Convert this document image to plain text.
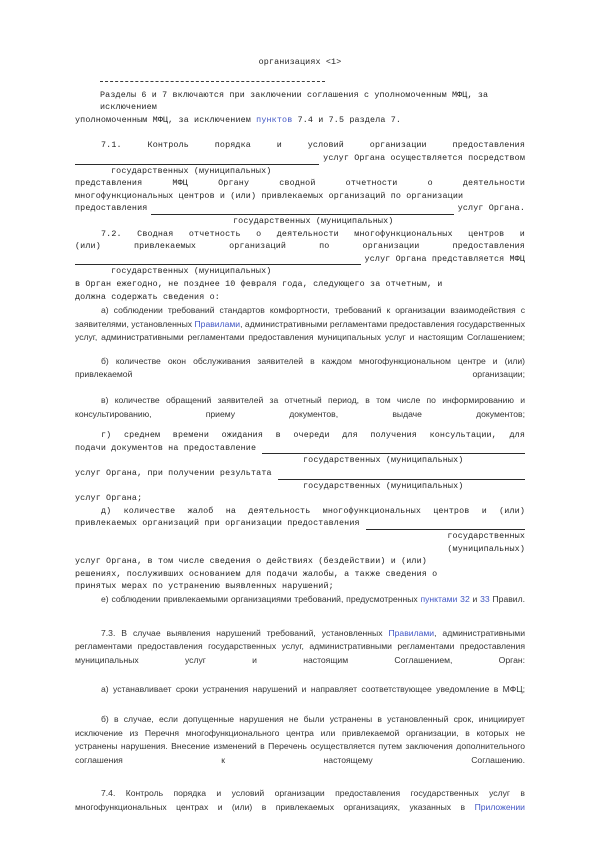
организациях <1>
Разделы 6 и 7 включаются при заключении соглашения с уполномоченным МФЦ, за исключением
уполномоченным МФЦ, за исключением пунктов 7.4 и 7.5 раздела 7.
7.1. Контроль порядка и условий организации предоставления
услуг Органа осуществляется посредством
государственных (муниципальных)
представления МФЦ Органу сводной отчетности о деятельности
многофункциональных центров и (или) привлекаемых организаций по организации
предоставления	услуг Органа.
государственных (муниципальных)
7.2. Сводная отчетность о деятельности многофункциональных центров и
(или) привлекаемых организаций по организации предоставления
услуг Органа представляется МФЦ
государственных (муниципальных)
в Орган ежегодно, не позднее 10 февраля года, следующего за отчетным, и
должна содержать сведения о:
а) соблюдении требований стандартов комфортности, требований к организации взаимодействия с заявителями, установленных Правилами, административными регламентами предоставления государственных услуг, административными регламентами предоставления муниципальных услуг и настоящим Соглашением;
б) количестве окон обслуживания заявителей в каждом многофункциональном центре и (или) привлекаемой организации;
в) количестве обращений заявителей за отчетный период, в том числе по информированию и консультированию, приему документов, выдаче документов;
г) среднем времени ожидания в очереди для получения консультации, для
подачи документов на предоставление
государственных (муниципальных)
услуг Органа, при получении результата
государственных (муниципальных)
услуг Органа;
д) количестве жалоб на деятельность многофункциональных центров и (или)
привлекаемых организаций при организации предоставления
государственных
(муниципальных)
услуг Органа, в том числе сведения о действиях (бездействии) и (или)
решениях, послуживших основанием для подачи жалобы, а также сведения о
принятых мерах по устранению выявленных нарушений;
е) соблюдении привлекаемыми организациями требований, предусмотренных пунктами 32 и 33 Правил.
7.3. В случае выявления нарушений требований, установленных Правилами, административными регламентами предоставления государственных услуг, административными регламентами предоставления муниципальных услуг и настоящим Соглашением, Орган:
а) устанавливает сроки устранения нарушений и направляет соответствующее уведомление в МФЦ;
б) в случае, если допущенные нарушения не были устранены в установленный срок, инициирует исключение из Перечня многофункционального центра или привлекаемой организации, в которых не устранены нарушения. Внесение изменений в Перечень осуществляется путем заключения дополнительного соглашения к настоящему Соглашению.
7.4. Контроль порядка и условий организации предоставления государственных услуг в многофункциональных центрах и (или) в привлекаемых организациях, указанных в Приложении
